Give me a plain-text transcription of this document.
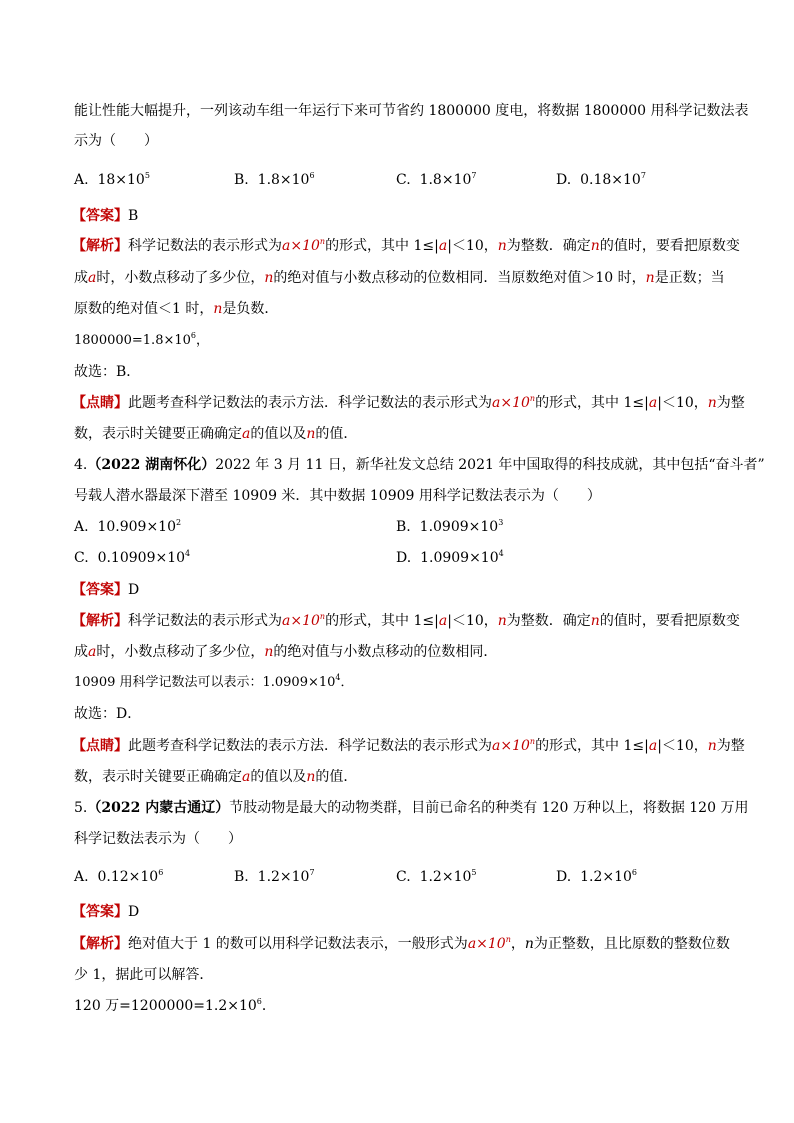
能让性能大幅提升，一列该动车组一年运行下来可节省约 1800000 度电，将数据 1800000 用科学记数法表
示为（　　）
A. $18\times 10^5$	B. $1.8\times 10^6$	C. $1.8\times 10^7$	D. $0.18\times 10^7$
【答案】B
【解析】科学记数法的表示形式为$a\times 10^n$的形式，其中 1≤|a|＜10，n为整数．确定n的值时，要看把原数变
成a时，小数点移动了多少位，n的绝对值与小数点移动的位数相同．当原数绝对值＞10 时，n是正数；当
原数的绝对值＜1 时，n是负数．
$1800000=1.8\times 10^6$，
故选：B．
【点睛】此题考查科学记数法的表示方法．科学记数法的表示形式为$a\times 10^n$的形式，其中 1≤|a|＜10，n为整
数，表示时关键要正确确定a的值以及n的值．
4.（2022 湖南怀化）2022 年 3 月 11 日，新华社发文总结 2021 年中国取得的科技成就，其中包括“奋斗者”
号载人潜水器最深下潜至 10909 米．其中数据 10909 用科学记数法表示为（　　）
A. $10.909\times 10^2$	B. $1.0909\times 10^3$
C. $0.10909\times 10^4$	D. $1.0909\times 10^4$
【答案】D
【解析】科学记数法的表示形式为$a\times 10^n$的形式，其中 1≤|a|＜10，n为整数．确定n的值时，要看把原数变
成a时，小数点移动了多少位，n的绝对值与小数点移动的位数相同．
10909 用科学记数法可以表示：$1.0909\times 10^4$．
故选：D．
【点睛】此题考查科学记数法的表示方法．科学记数法的表示形式为$a\times 10^n$的形式，其中 1≤|a|＜10，n为整
数，表示时关键要正确确定a的值以及n的值．
5.（2022 内蒙古通辽）节肢动物是最大的动物类群，目前已命名的种类有 120 万种以上，将数据 120 万用
科学记数法表示为（　　）
A. $0.12\times 10^6$	B. $1.2\times 10^7$	C. $1.2\times 10^5$	D. $1.2\times 10^6$
【答案】D
【解析】绝对值大于 1 的数可以用科学记数法表示，一般形式为$a\times 10^n$，n为正整数，且比原数的整数位数
少 1，据此可以解答．
120 万$=1200000=1.2\times 10^6$．
